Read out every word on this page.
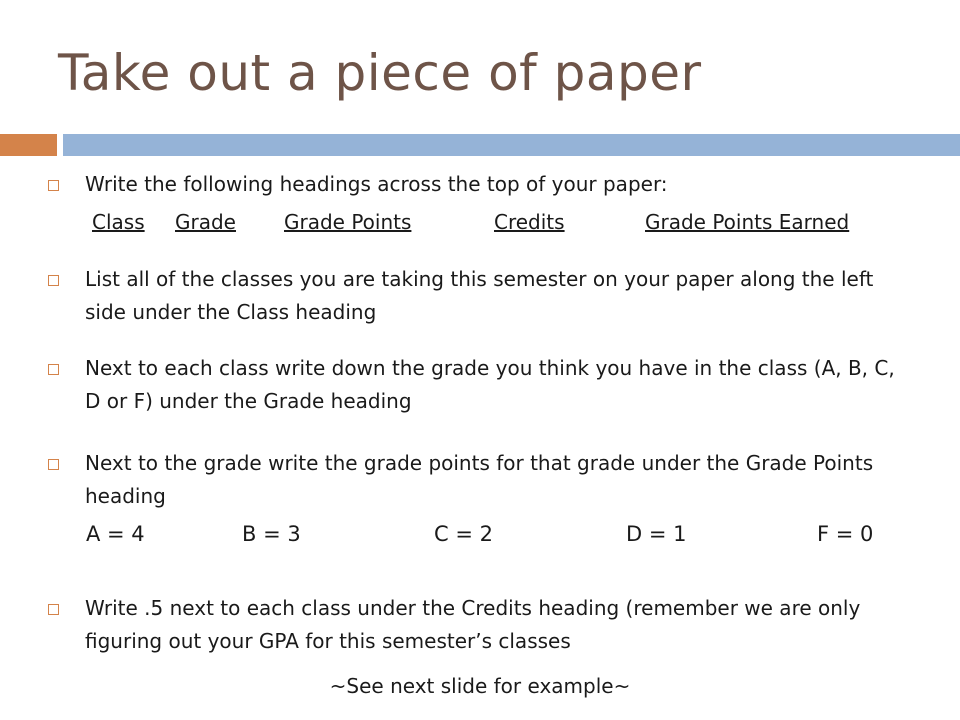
Take out a piece of paper
Write the following headings across the top of your paper:
Class Grade Grade Points	Credits	Grade Points Earned
List all of the classes you are taking this semester on your paper along the left side under the Class heading
Next to each class write down the grade you think you have in the class (A, B, C, D or F) under the Grade heading
Next to the grade write the grade points for that grade under the Grade Points heading
A = 4	B = 3	C = 2	D = 1	F = 0
Write .5 next to each class under the Credits heading (remember we are only figuring out your GPA for this semester’s classes
~See next slide for example~
